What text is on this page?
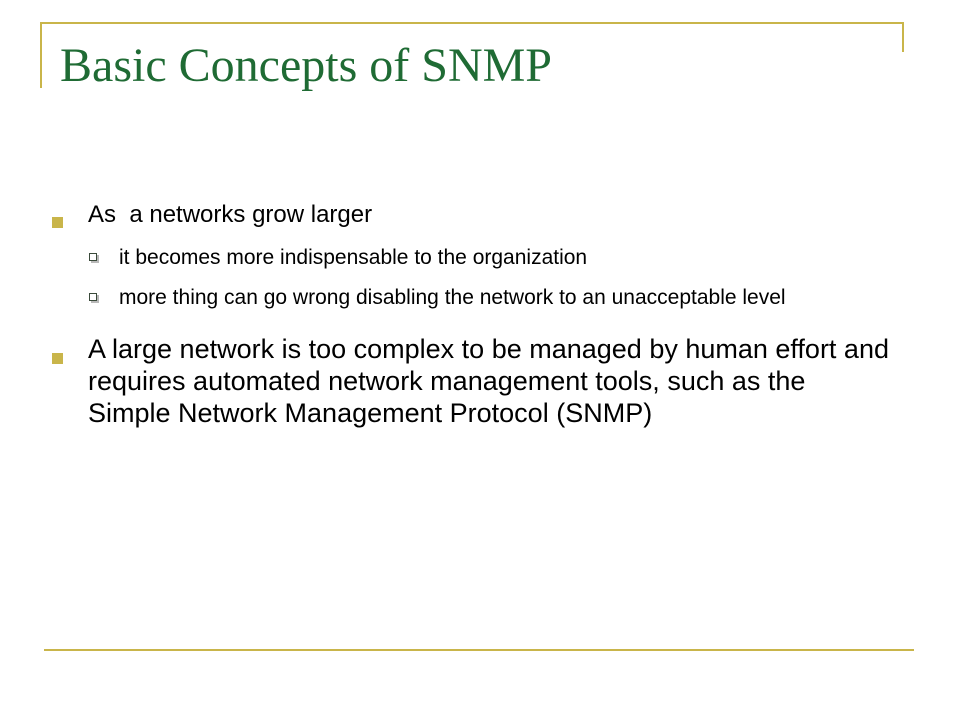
Basic Concepts of SNMP
As  a networks grow larger
it becomes more indispensable to the organization
more thing can go wrong disabling the network to an unacceptable level
A large network is too complex to be managed by human effort and requires automated network management tools, such as the Simple Network Management Protocol (SNMP)
